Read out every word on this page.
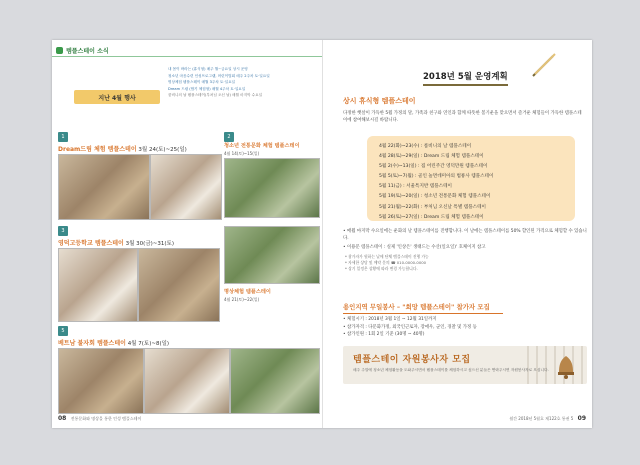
템플스테이 소식
지난 4월 행사
내 몸이 바라는 (휴식형) 매주 월~금요일 상시 운영
청소년 마음수련 인성프로그램, 어린이법회 매주 2주차 토·일요일
명상체험 템플스테이 매월 3주차 토·일요일
Dream 드림 (합기 체험형) 매월 4주차 토·일요일
룸비니의 날 템플스테이(부처님 오신 날) 매월 마지막 수요일
1
Dream드림 체험 템플스테이 3월 24(토)~25(일)
2
청소년 전통문화 체험 템플스테이
4월 14(토)~15(일)
3
영덕고등학교 템플스테이 3월 30(금)~31(토)
명상체험 템플스테이
4월 21(토)~22(일)
5
베트남 불자회 템플스테이 4월 7(토)~8(일)
08 전통문화와 명상을 통한 인성 템플스테이
2018년 5월 운영계획
상시 휴식형 템플스테이
다정한 햇살이 가득한 5월 가정의 달, 가족과 친구와 연인과 함께 따뜻한 봄기운을 맞으면서 즐거운 체험들이 가득한 템플스테이에 참여해보시길 바랍니다.
4월 22(화)~23(수) : 룸비니의 날 템플스테이
4월 28(토)~29(일) : Dream 드림 체험 템플스테이
5월 2(수)~13(일) : 집 어린주간 영덕만원 템플스테이
5월 5(토)~7(월) : 골인 놀면데미아의 법룡사 템플스테이
5월 11(금) : 서울특지반 템플스테이
5월 19(토)~20(일) : 청소년 전통문화 체험 템플스테이
5월 21(월)~22(화) : 부처님 오신날 특별 템플스테이
5월 26(토)~27(일) : Dream 드림 체험 템플스테이
• 매월 마지막 수요일에는 운화의 날 템플스테이를 진행합니다. 이 날에는 템플스테이를 50% 할인된 가격으로 체험할 수 있습니다.
• 이용문 템플스테이 : 실제 '인상은' 생태드는 수산(일요일)' 호체이지 참고
* 참가자가 원하는 날에 단체 템플스테이 진행 가능
* 자세한 상담 및 예약 문의 ☎ 010-0000-0000
* 상기 일정은 상황에 따라 변경 가능합니다.
용인지역 무일봉사 – "희망 템플스테이" 참가자 모집
• 체험시기 : 2018년 3월 1일 ~ 12월 31일까지
• 참가자격 : 다문화가정, 외국인근로자, 장애우, 군인, 경찰 및 가정 등
• 참가인원 : 1회 2일 기준 (30명 ~ 40명)
템플스테이 자원봉사자 모집
매주 주말에 청소년 체험활동을 도와주시면서 템플스테이를 체험하시고 싶으신 분들은 연락주시면 자원봉사자로 모십니다.
월간 2018년 5월호 제122호 통권 5 09
